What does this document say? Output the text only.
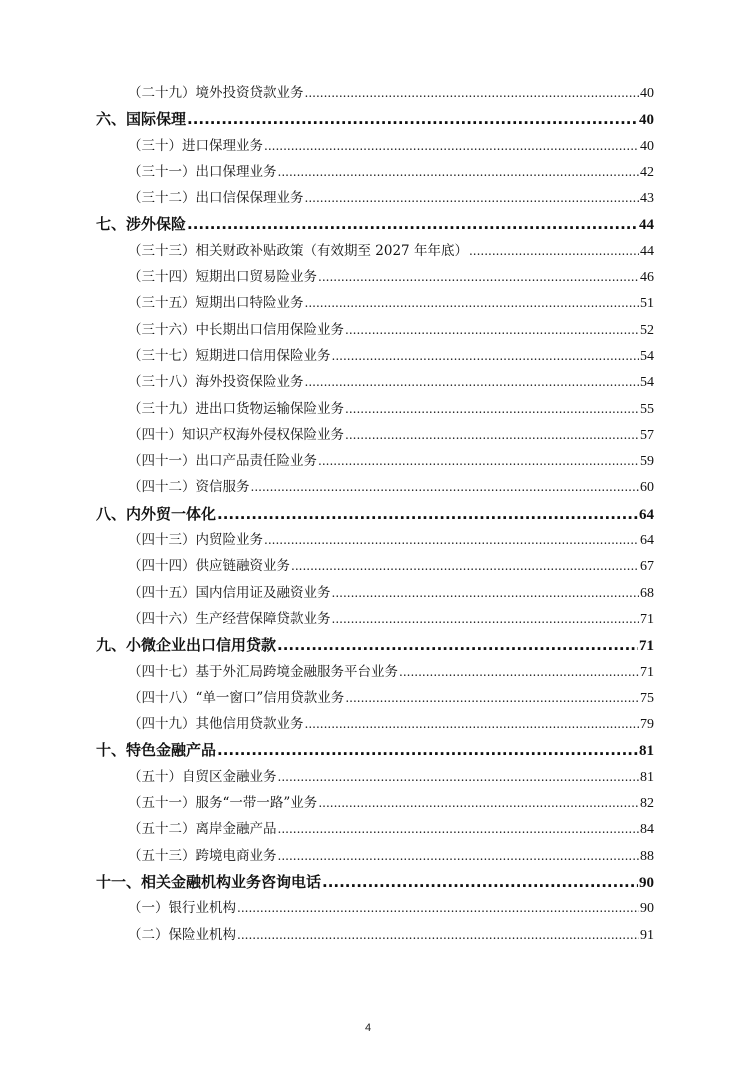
（二十九）境外投资贷款业务 .....	40
六、国际保理 .....	40
（三十）进口保理业务 .....	40
（三十一）出口保理业务 .....	42
（三十二）出口信保保理业务 .....	43
七、涉外保险 .....	44
（三十三）相关财政补贴政策（有效期至 2027 年年底） .....	44
（三十四）短期出口贸易险业务 .....	46
（三十五）短期出口特险业务 .....	51
（三十六）中长期出口信用保险业务 .....	52
（三十七）短期进口信用保险业务 .....	54
（三十八）海外投资保险业务 .....	54
（三十九）进出口货物运输保险业务 .....	55
（四十）知识产权海外侵权保险业务 .....	57
（四十一）出口产品责任险业务 .....	59
（四十二）资信服务 .....	60
八、内外贸一体化 .....	64
（四十三）内贸险业务 .....	64
（四十四）供应链融资业务 .....	67
（四十五）国内信用证及融资业务 .....	68
（四十六）生产经营保障贷款业务 .....	71
九、小微企业出口信用贷款 .....	71
（四十七）基于外汇局跨境金融服务平台业务 .....	71
（四十八）“单一窗口”信用贷款业务 .....	75
（四十九）其他信用贷款业务 .....	79
十、特色金融产品 .....	81
（五十）自贸区金融业务 .....	81
（五十一）服务“一带一路”业务 .....	82
（五十二）离岸金融产品 .....	84
（五十三）跨境电商业务 .....	88
十一、相关金融机构业务咨询电话 .....	90
（一）银行业机构 .....	90
（二）保险业机构 .....	91
4
